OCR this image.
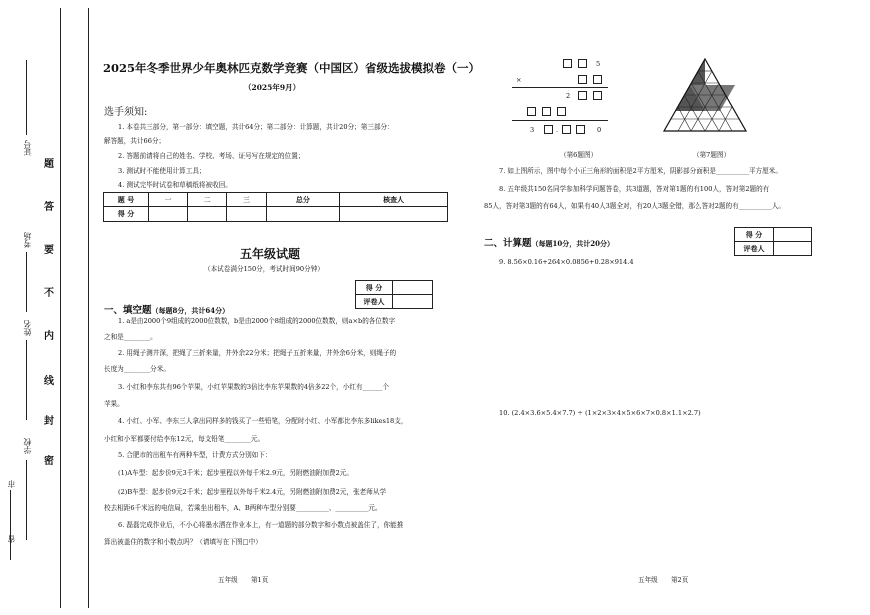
省
市
学校
姓名
考场
证号
密
封
线
内
不
要
答
题
2025年冬季世界少年奥林匹克数学竞赛（中国区）省级选拔模拟卷（一）
（2025年9月）
选手须知:
1. 本卷共三部分，第一部分：填空题，共计64分；第二部分：计算题，共计20分；第三部分：
解答题，共计66分；
2. 答题前请将自己的姓名、学校、考场、证号写在规定的位置；
3. 测试时不能使用计算工具；
4. 测试完毕时试卷和草稿纸将被收回。
题 号	一	二	三	总分	核查人
得 分					
五年级试题
（本试卷满分150分，考试时间90分钟）
得 分	
评卷人	
一、填空题（每题8分，共计64分）
1. a是由2000个9组成的2000位数数，b是由2000个8组成的2000位数数，则a×b的各位数字
之和是________。
2. 用绳子测井深，把绳了三折来量，井外余22分米；把绳子五折来量，井外余6分米，则绳子的
长度为________分米。
3. 小红和李东共有96个苹果，小红苹果数的3倍比李东苹果数的4倍多22个，小红有______个
苹果。
4. 小红、小军、李东三人拿出同样多的钱买了一些铅笔，分配时小红、小军都比李东多likes18支，
小红和小军都要付给李东12元，每支铅笔________元。
5. 合肥市的出租车有两种车型，计费方式分别如下：
(1)A车型：起步价9元3千米；起步里程以外每千米2.9元，另附燃油附加费2元。
(2)B车型：起步价9元2千米；起步里程以外每千米2.4元，另附燃油附加费2元，张老师从学
校去相距6千米远的电信局，若乘坐出租车，A、B两种车型分别要__________、__________元。
6. 磊磊完成作业后，不小心将墨水洒在作业本上，有一道题的部分数字和小数点被盖住了，你能推
算出被盖住的数字和小数点吗？（请填写在下图□中）
五年级　　第1页
5
×
2
3	.	0
（第6题图）	（第7题图）
7. 如上图所示，图中每个小正三角形的面积是2平方厘米，阴影部分面积是__________平方厘米。
8. 五年级共150名同学参加科学问题答卷，共3道题，答对第1题的有100人，答对第2题的有
85人，答对第3题的有64人，如果有40人3题全对，有20人3题全错，那么答对2题的有__________人。
二、计算题（每题10分，共计20分）
得 分	
评卷人	
9. 8.56×0.16+264×0.0856+0.28×914.4
10. (2.4×3.6×5.4×7.7) ÷ (1×2×3×4×5×6×7×0.8×1.1×2.7)
五年级　　第2页
